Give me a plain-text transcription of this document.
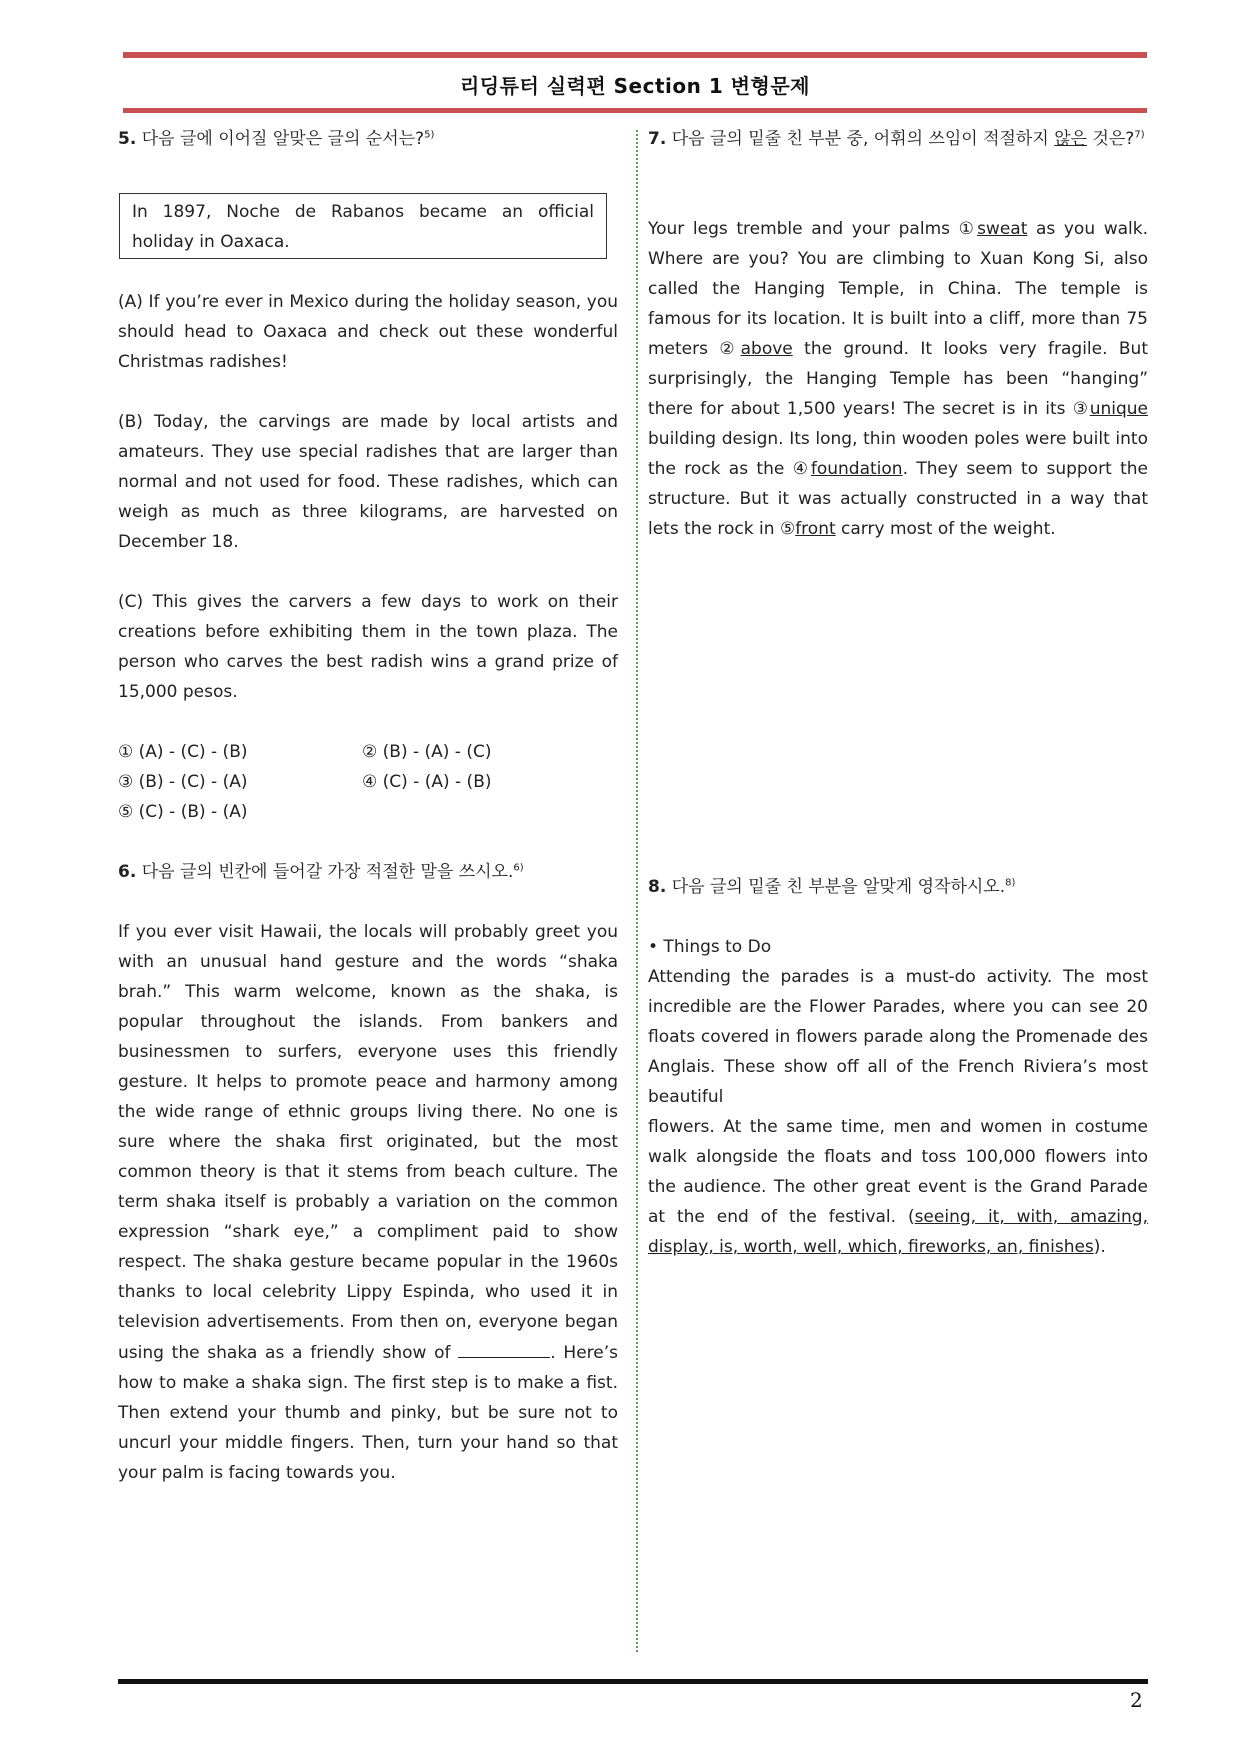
리딩튜터 실력편 Section 1 변형문제
5. 다음 글에 이어질 알맞은 글의 순서는?$^{5)}$
In 1897, Noche de Rabanos became an official holiday in Oaxaca.
(A) If you’re ever in Mexico during the holiday season, you should head to Oaxaca and check out these wonderful Christmas radishes!
(B) Today, the carvings are made by local artists and amateurs. They use special radishes that are larger than normal and not used for food. These radishes, which can weigh as much as three kilograms, are harvested on December 18.
(C) This gives the carvers a few days to work on their creations before exhibiting them in the town plaza. The person who carves the best radish wins a grand prize of 15,000 pesos.
① (A) - (C) - (B)	② (B) - (A) - (C)
③ (B) - (C) - (A)	④ (C) - (A) - (B)
⑤ (C) - (B) - (A)
6. 다음 글의 빈칸에 들어갈 가장 적절한 말을 쓰시오.$^{6)}$
If you ever visit Hawaii, the locals will probably greet you with an unusual hand gesture and the words “shaka brah.” This warm welcome, known as the shaka, is popular throughout the islands. From bankers and businessmen to surfers, everyone uses this friendly gesture. It helps to promote peace and harmony among the wide range of ethnic groups living there. No one is sure where the shaka first originated, but the most common theory is that it stems from beach culture. The term shaka itself is probably a variation on the common expression “shark eye,” a compliment paid to show respect. The shaka gesture became popular in the 1960s thanks to local celebrity Lippy Espinda, who used it in television advertisements. From then on, everyone began using the shaka as a friendly show of	. Here’s how to make a shaka sign. The first step is to make a fist. Then extend your thumb and pinky, but be sure not to uncurl your middle fingers. Then, turn your hand so that your palm is facing towards you.
7. 다음 글의 밑줄 친 부분 중, 어휘의 쓰임이 적절하지 않은 것은?$^{7)}$
Your legs tremble and your palms ①sweat as you walk. Where are you? You are climbing to Xuan Kong Si, also called the Hanging Temple, in China. The temple is famous for its location. It is built into a cliff, more than 75 meters ②above the ground. It looks very fragile. But surprisingly, the Hanging Temple has been “hanging” there for about 1,500 years! The secret is in its ③unique building design. Its long, thin wooden poles were built into the rock as the ④foundation. They seem to support the structure. But it was actually constructed in a way that lets the rock in ⑤front carry most of the weight.
8. 다음 글의 밑줄 친 부분을 알맞게 영작하시오.$^{8)}$
• Things to Do
Attending the parades is a must-do activity. The most incredible are the Flower Parades, where you can see 20 floats covered in flowers parade along the Promenade des Anglais. These show off all of the French Riviera’s most beautiful
flowers. At the same time, men and women in costume walk alongside the floats and toss 100,000 flowers into the audience. The other great event is the Grand Parade at the end of the festival. (seeing, it, with, amazing, display, is, worth, well, which, fireworks, an, finishes).
2
